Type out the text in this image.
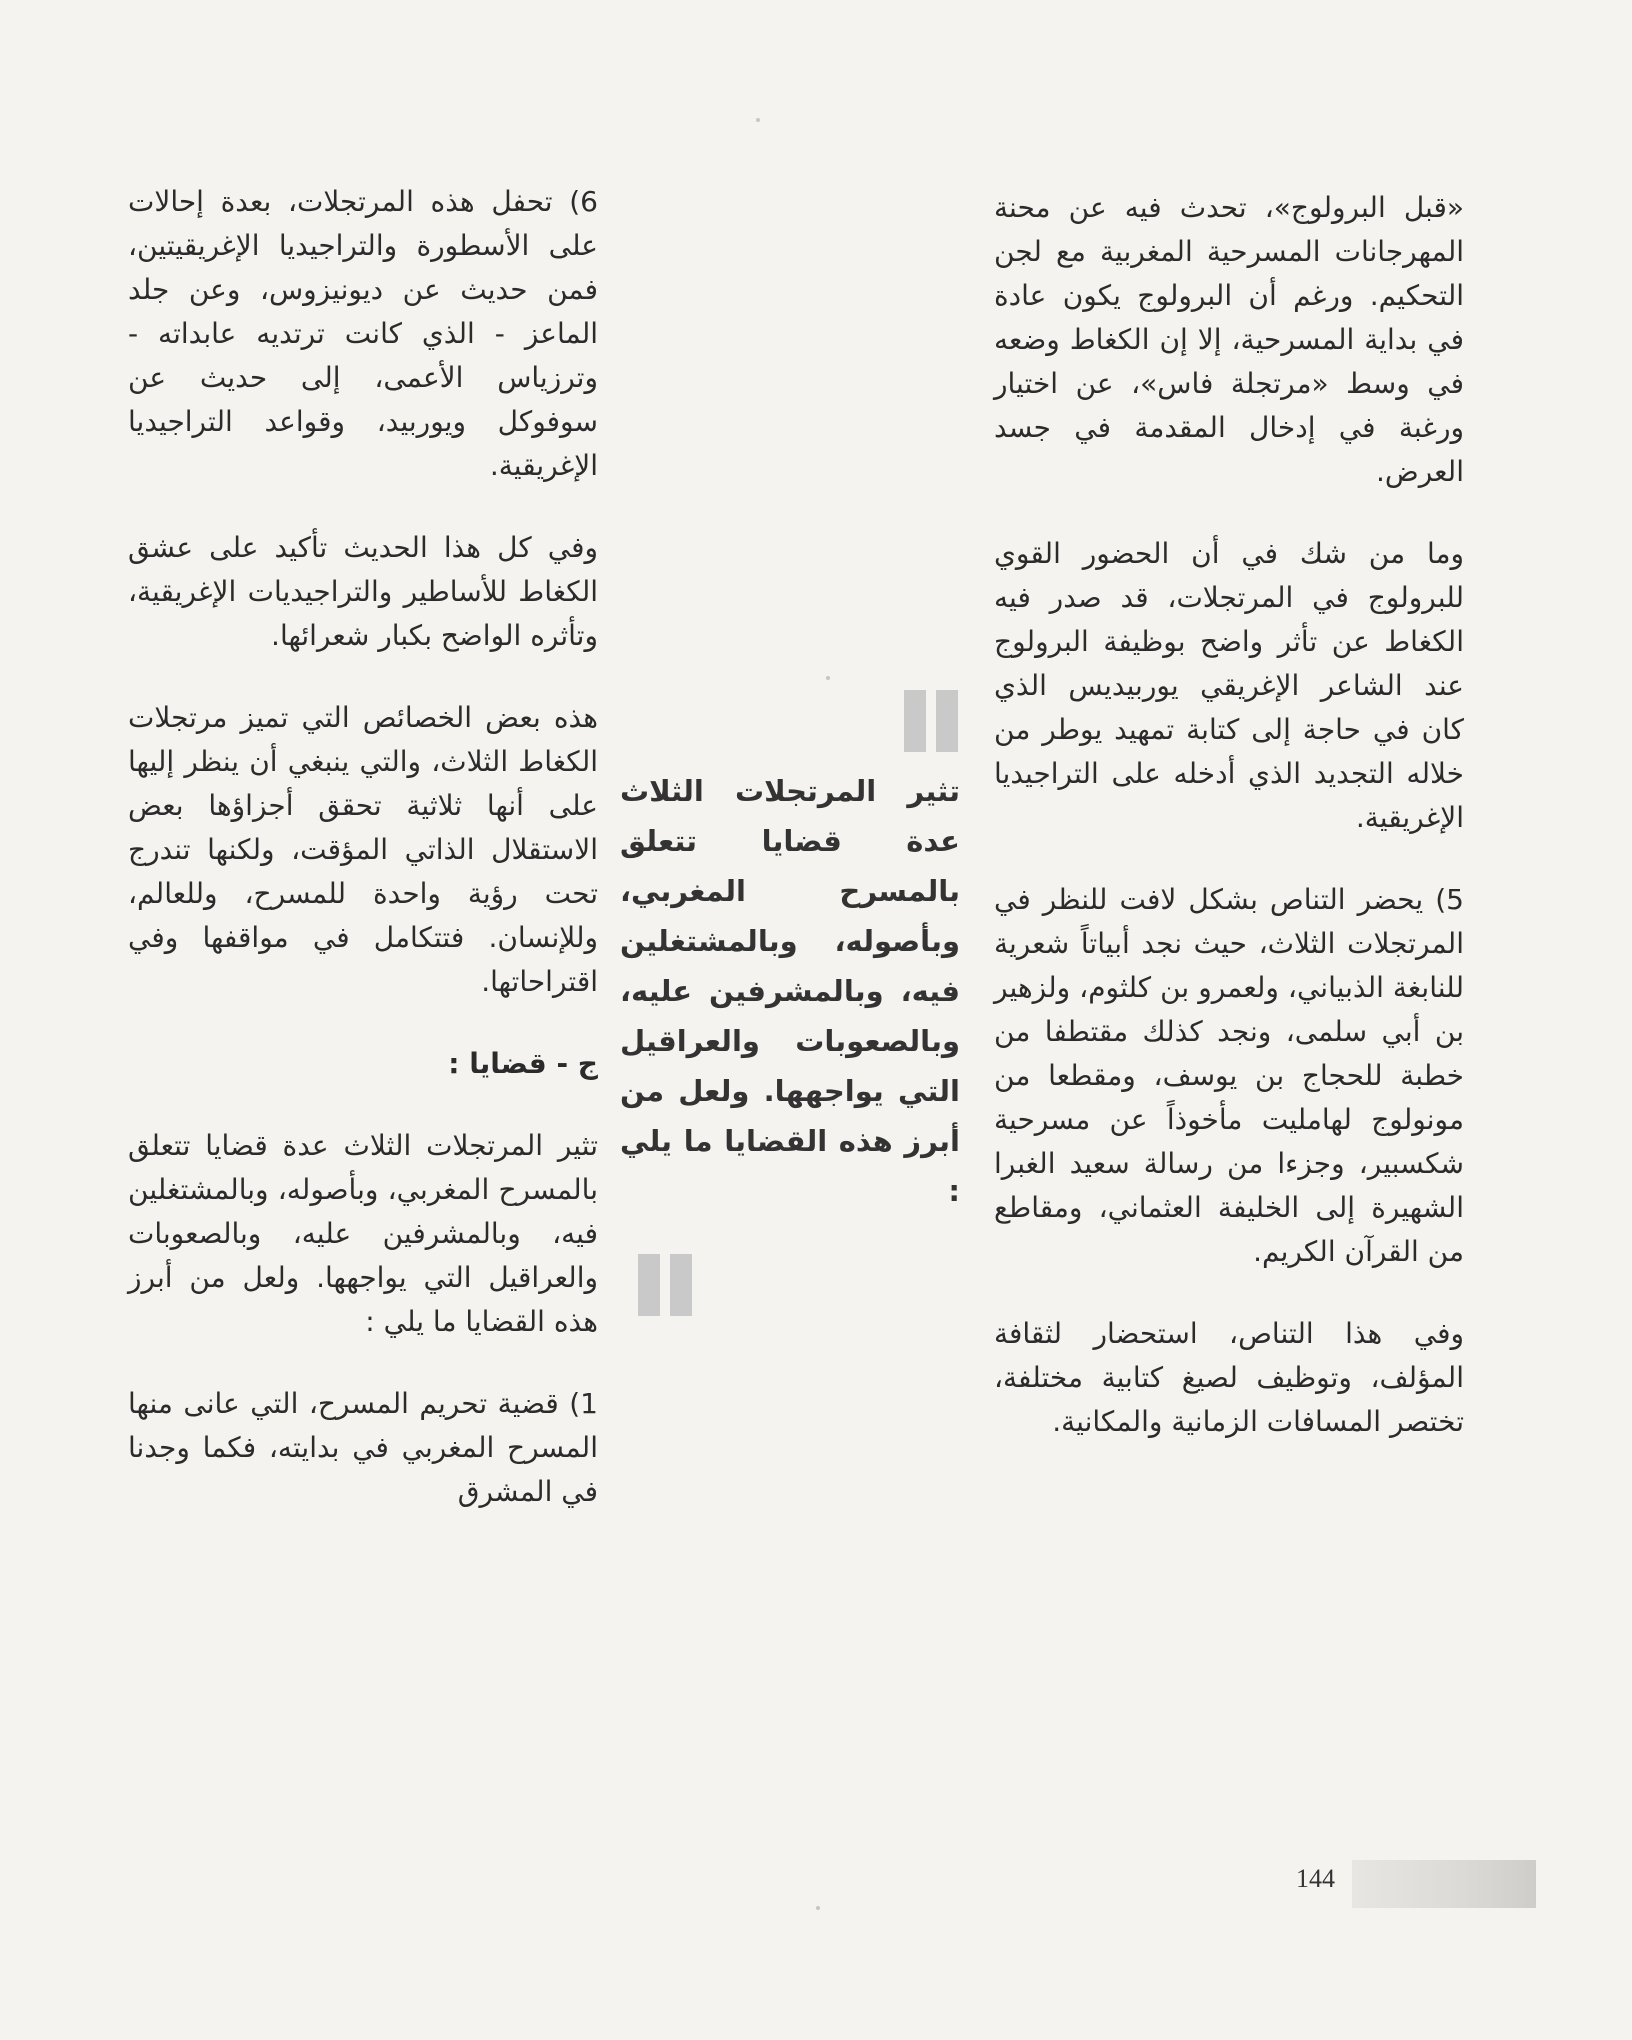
«قبل البرولوج»، تحدث فيه عن محنة المهرجانات المسرحية المغربية مع لجن التحكيم. ورغم أن البرولوج يكون عادة في بداية المسرحية، إلا إن الكغاط وضعه في وسط «مرتجلة فاس»، عن اختيار ورغبة في إدخال المقدمة في جسد العرض.

وما من شك في أن الحضور القوي للبرولوج في المرتجلات، قد صدر فيه الكغاط عن تأثر واضح بوظيفة البرولوج عند الشاعر الإغريقي يوربيديس الذي كان في حاجة إلى كتابة تمهيد يوطر من خلاله التجديد الذي أدخله على التراجيديا الإغريقية.

5) يحضر التناص بشكل لافت للنظر في المرتجلات الثلاث، حيث نجد أبياتاً شعرية للنابغة الذبياني، ولعمرو بن كلثوم، ولزهير بن أبي سلمى، ونجد كذلك مقتطفا من خطبة للحجاج بن يوسف، ومقطعا من مونولوج لهامليت مأخوذاً عن مسرحية شكسبير، وجزءا من رسالة سعيد الغبرا الشهيرة إلى الخليفة العثماني، ومقاطع من القرآن الكريم.

وفي هذا التناص، استحضار لثقافة المؤلف، وتوظيف لصيغ كتابية مختلفة، تختصر المسافات الزمانية والمكانية.

تثير المرتجلات الثلاث عدة قضايا تتعلق بالمسرح المغربي، وبأصوله، وبالمشتغلين فيه، وبالمشرفين عليه، وبالصعوبات والعراقيل التي يواجهها. ولعل من أبرز هذه القضايا ما يلي :

6) تحفل هذه المرتجلات، بعدة إحالات على الأسطورة والتراجيديا الإغريقيتين، فمن حديث عن ديونيزوس، وعن جلد الماعز - الذي كانت ترتديه عابداته - وترزياس الأعمى، إلى حديث عن سوفوكل ويوربيد، وقواعد التراجيديا الإغريقية.

وفي كل هذا الحديث تأكيد على عشق الكغاط للأساطير والتراجيديات الإغريقية، وتأثره الواضح بكبار شعرائها.

هذه بعض الخصائص التي تميز مرتجلات الكغاط الثلاث، والتي ينبغي أن ينظر إليها على أنها ثلاثية تحقق أجزاؤها بعض الاستقلال الذاتي المؤقت، ولكنها تندرج تحت رؤية واحدة للمسرح، وللعالم، وللإنسان. فتتكامل في مواقفها وفي اقتراحاتها.

ج - قضايا :

تثير المرتجلات الثلاث عدة قضايا تتعلق بالمسرح المغربي، وبأصوله، وبالمشتغلين فيه، وبالمشرفين عليه، وبالصعوبات والعراقيل التي يواجهها. ولعل من أبرز هذه القضايا ما يلي :

1) قضية تحريم المسرح، التي عانى منها المسرح المغربي في بدايته، فكما وجدنا في المشرق

144
